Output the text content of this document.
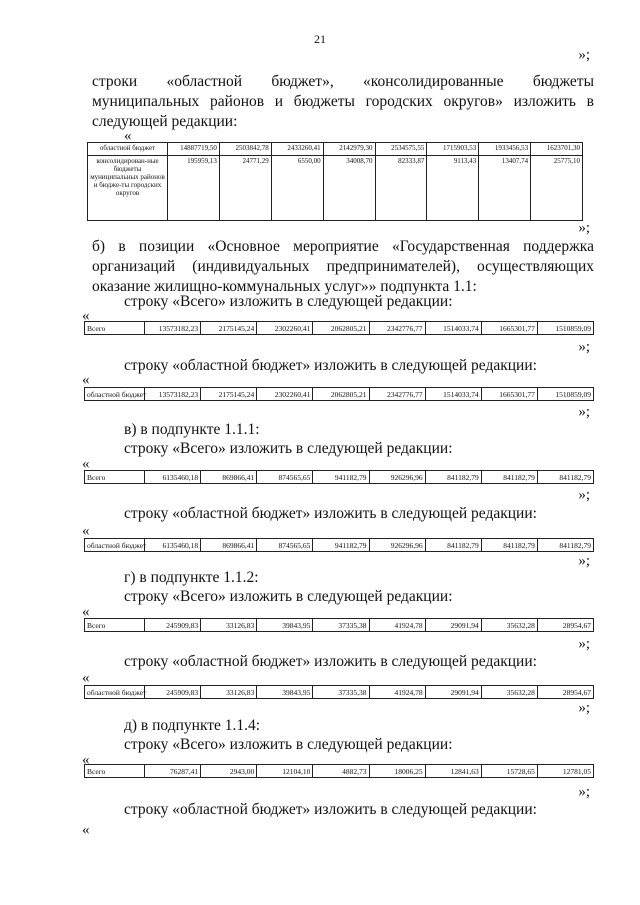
21
»;
строки «областной бюджет», «консолидированные бюджеты муниципальных районов и бюджеты городских округов» изложить в следующей редакции:
«
областной бюджет	14887719,50	2503842,78	2433260,41	2142979,30	2534575,55	1715903,53	1933456,53	1623701,30
консолидирован-ные бюджеты муниципальных районов и бюдже-ты городских округов	195959,13	24771,29	6550,00	34008,70	82333,87	9113,43	13407,74	25775,10
»;
б) в позиции «Основное мероприятие «Государственная поддержка организаций (индивидуальных предпринимателей), осуществляющих оказание жилищно-коммунальных услуг»» подпункта 1.1:
строку «Всего» изложить в следующей редакции:
«
Всего	13573182,23	2175145,24	2302260,41	2062805,21	2342776,77	1514033,74	1665301,77	1510859,09
»;
строку «областной бюджет» изложить в следующей редакции:
«
областной бюджет	13573182,23	2175145,24	2302260,41	2062805,21	2342776,77	1514033,74	1665301,77	1510859,09
»;
в) в подпункте 1.1.1:
строку «Всего» изложить в следующей редакции:
«
Всего	6135460,18	869866,41	874565,65	941182,79	926296,96	841182,79	841182,79	841182,79
»;
строку «областной бюджет» изложить в следующей редакции:
«
областной бюджет	6135460,18	869866,41	874565,65	941182,79	926296,96	841182,79	841182,79	841182,79
»;
г) в подпункте 1.1.2:
строку «Всего» изложить в следующей редакции:
«
Всего	245909,83	33126,83	39843,95	37335,38	41924,78	29091,94	35632,28	28954,67
»;
строку «областной бюджет» изложить в следующей редакции:
«
областной бюджет	245909,83	33126,83	39843,95	37335,38	41924,78	29091,94	35632,28	28954,67
»;
д) в подпункте 1.1.4:
строку «Всего» изложить в следующей редакции:
«
Всего	76287,41	2943,00	12104,10	4882,73	18006,25	12841,63	15728,65	12781,05
»;
строку «областной бюджет» изложить в следующей редакции:
«
